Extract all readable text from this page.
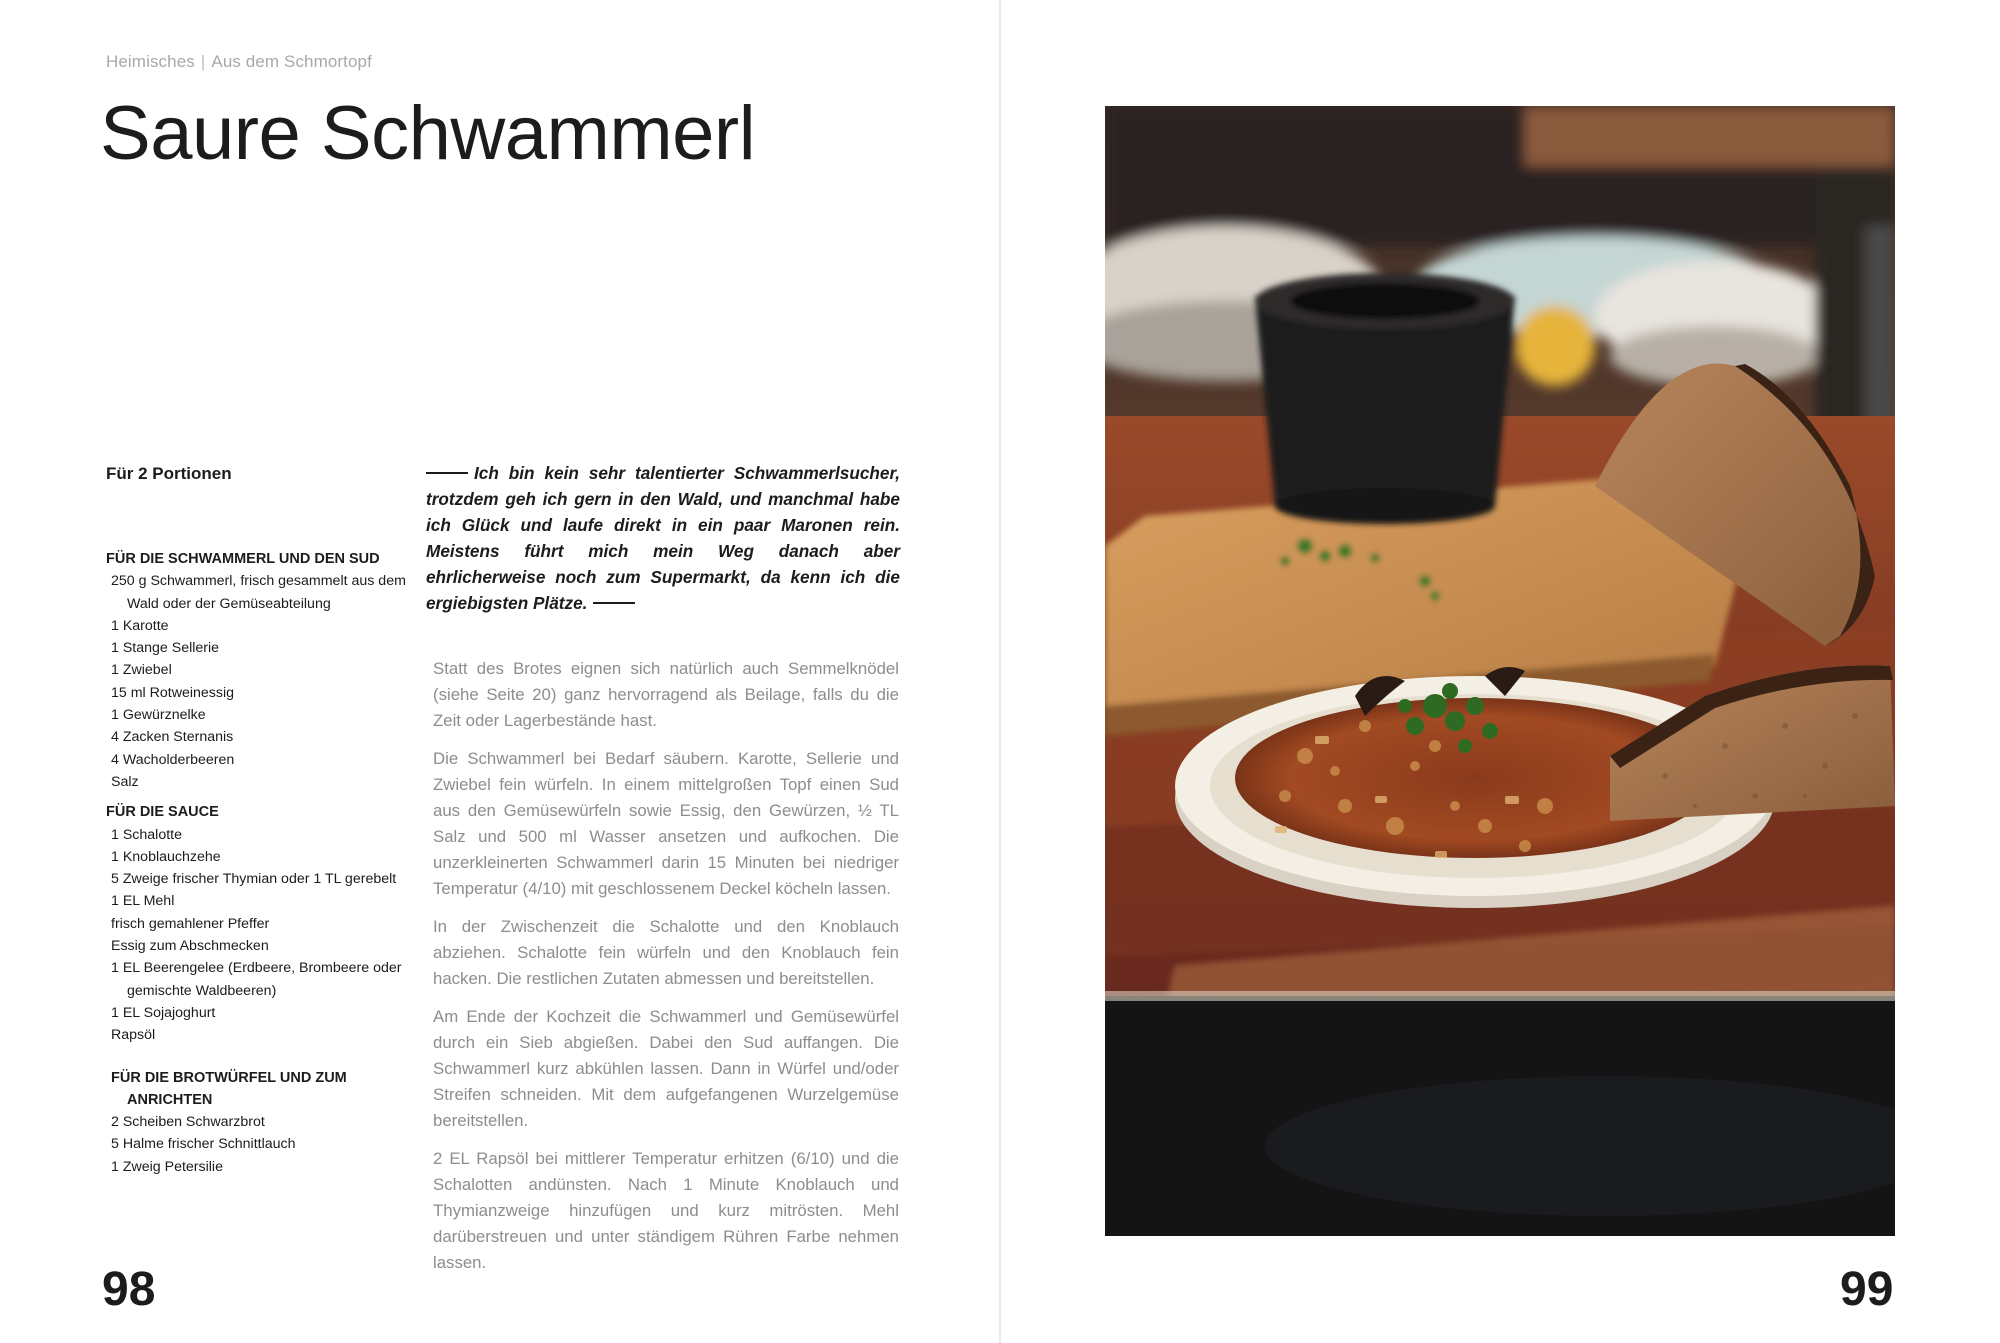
Heimisches | Aus dem Schmortopf
Saure Schwammerl
Für 2 Portionen
FÜR DIE SCHWAMMERL UND DEN SUD
250 g Schwammerl, frisch gesammelt aus dem Wald oder der Gemüseabteilung
1 Karotte
1 Stange Sellerie
1 Zwiebel
15 ml Rotweinessig
1 Gewürznelke
4 Zacken Sternanis
4 Wacholderbeeren
Salz
FÜR DIE SAUCE
1 Schalotte
1 Knoblauchzehe
5 Zweige frischer Thymian oder 1 TL gerebelt
1 EL Mehl
frisch gemahlener Pfeffer
Essig zum Abschmecken
1 EL Beerengelee (Erdbeere, Brombeere oder gemischte Waldbeeren)
1 EL Sojajoghurt
Rapsöl
FÜR DIE BROTWÜRFEL UND ZUM
ANRICHTEN
2 Scheiben Schwarzbrot
5 Halme frischer Schnittlauch
1 Zweig Petersilie
Ich bin kein sehr talentierter Schwammerlsucher, trotzdem geh ich gern in den Wald, und manchmal habe ich Glück und laufe direkt in ein paar Maronen rein. Meistens führt mich mein Weg danach aber ehrlicherweise noch zum Supermarkt, da kenn ich die ergiebigsten Plätze.

Statt des Brotes eignen sich natürlich auch Semmelknödel (siehe Seite 20) ganz hervorragend als Beilage, falls du die Zeit oder Lagerbestände hast.

Die Schwammerl bei Bedarf säubern. Karotte, Sellerie und Zwiebel fein würfeln. In einem mittelgroßen Topf einen Sud aus den Gemüsewürfeln sowie Essig, den Gewürzen, ½ TL Salz und 500 ml Wasser ansetzen und aufkochen. Die unzerkleinerten Schwammerl darin 15 Minuten bei niedriger Temperatur (4/10) mit geschlossenem Deckel köcheln lassen.

In der Zwischenzeit die Schalotte und den Knoblauch abziehen. Schalotte fein würfeln und den Knoblauch fein hacken. Die restlichen Zutaten abmessen und bereitstellen.

Am Ende der Kochzeit die Schwammerl und Gemüsewürfel durch ein Sieb abgießen. Dabei den Sud auffangen. Die Schwammerl kurz abkühlen lassen. Dann in Würfel und/oder Streifen schneiden. Mit dem aufgefangenen Wurzelgemüse bereitstellen.

2 EL Rapsöl bei mittlerer Temperatur erhitzen (6/10) und die Schalotten andünsten. Nach 1 Minute Knoblauch und Thymianzweige hinzufügen und kurz mitrösten. Mehl darüberstreuen und unter ständigem Rühren Farbe nehmen lassen.

98	99
